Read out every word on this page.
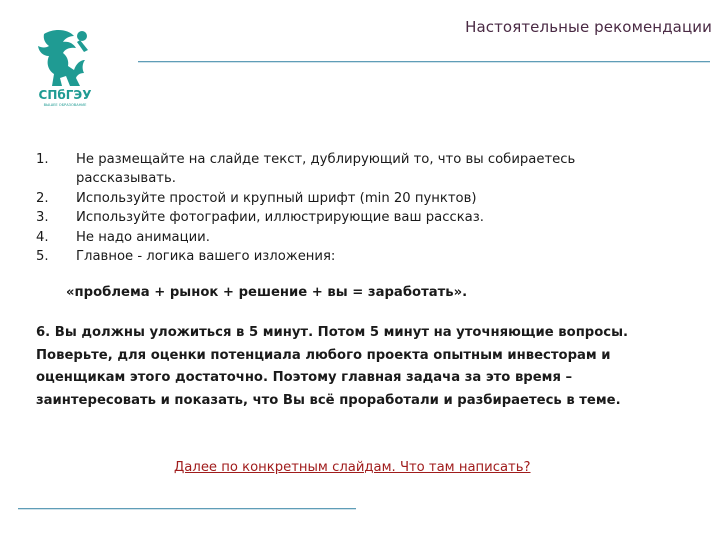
СПбГЭУ
ВЫШЕЕ ОБРАЗОВАНИЕ
Настоятельные рекомендации
1.	Не размещайте на слайде текст, дублирующий то, что вы собираетесь рассказывать.
2.	Используйте простой и крупный шрифт (min 20 пунктов)
3.	Используйте фотографии, иллюстрирующие ваш рассказ.
4.	Не надо анимации.
5.	Главное - логика вашего изложения:
«проблема + рынок + решение + вы = заработать».

6. Вы должны уложиться в 5 минут. Потом 5 минут на уточняющие вопросы.
Поверьте, для оценки потенциала любого проекта опытным инвесторам и
оценщикам этого достаточно. Поэтому главная задача за это время –
заинтересовать и показать, что Вы всё проработали и разбираетесь в теме.

Далее по конкретным слайдам. Что там написать?
